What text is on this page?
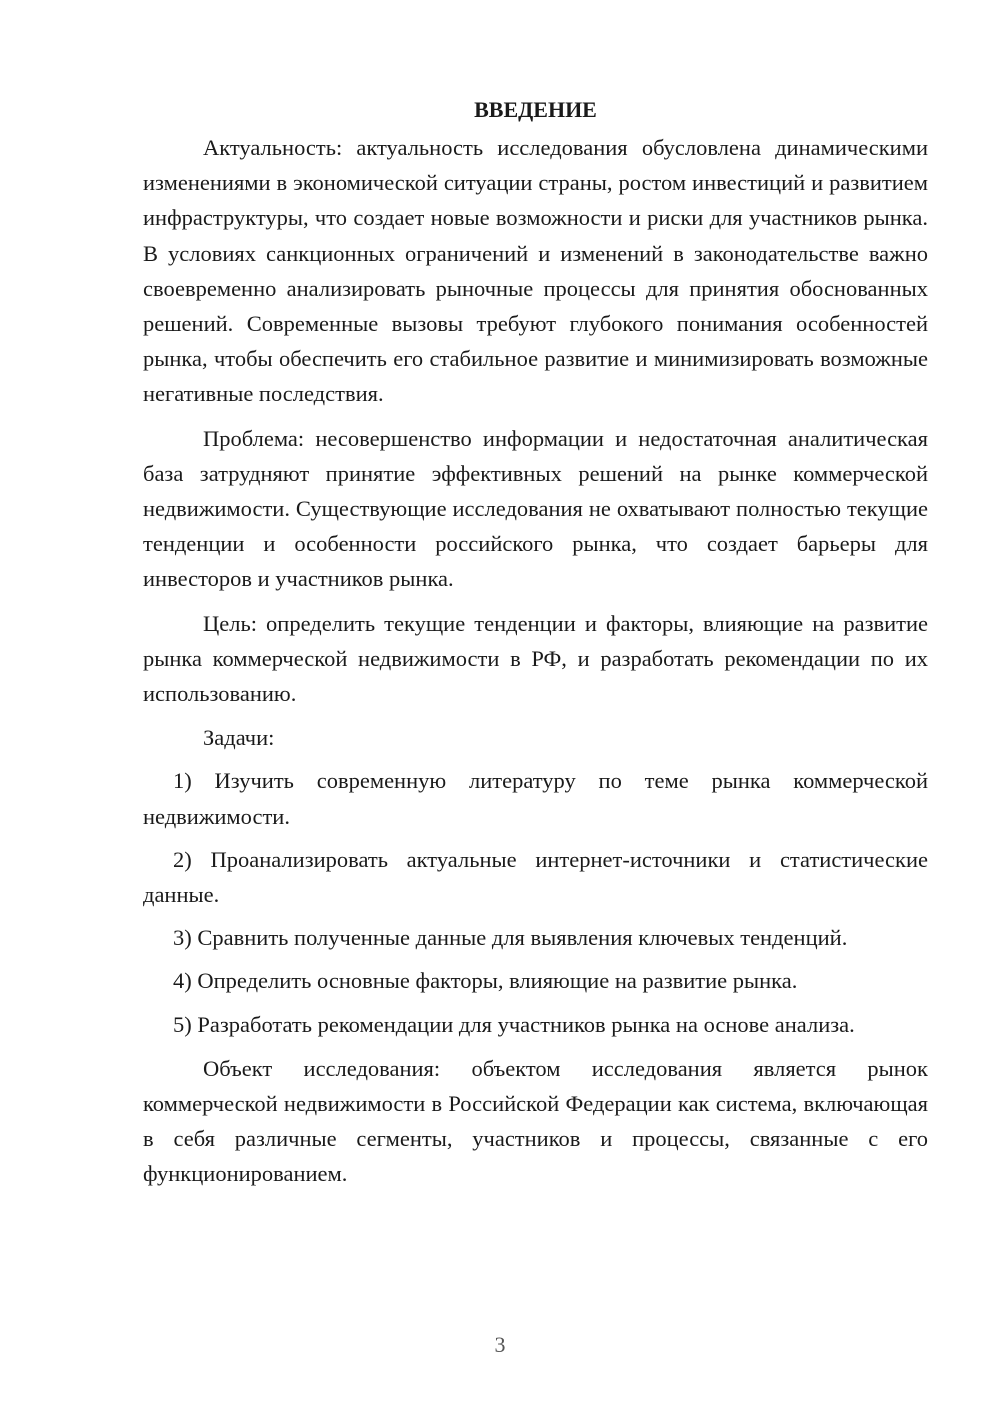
ВВЕДЕНИЕ

Актуальность: актуальность исследования обусловлена динамическими изменениями в экономической ситуации страны, ростом инвестиций и развитием инфраструктуры, что создает новые возможности и риски для участников рынка. В условиях санкционных ограничений и изменений в законодательстве важно своевременно анализировать рыночные процессы для принятия обоснованных решений. Современные вызовы требуют глубокого понимания особенностей рынка, чтобы обеспечить его стабильное развитие и минимизировать возможные негативные последствия.

Проблема: несовершенство информации и недостаточная аналитическая база затрудняют принятие эффективных решений на рынке коммерческой недвижимости. Существующие исследования не охватывают полностью текущие тенденции и особенности российского рынка, что создает барьеры для инвесторов и участников рынка.

Цель: определить текущие тенденции и факторы, влияющие на развитие рынка коммерческой недвижимости в РФ, и разработать рекомендации по их использованию.

Задачи:

1) Изучить современную литературу по теме рынка коммерческой недвижимости.

2) Проанализировать актуальные интернет-источники и статистические данные.

3) Сравнить полученные данные для выявления ключевых тенденций.

4) Определить основные факторы, влияющие на развитие рынка.

5) Разработать рекомендации для участников рынка на основе анализа.

Объект исследования: объектом исследования является рынок коммерческой недвижимости в Российской Федерации как система, включающая в себя различные сегменты, участников и процессы, связанные с его функционированием.

3
